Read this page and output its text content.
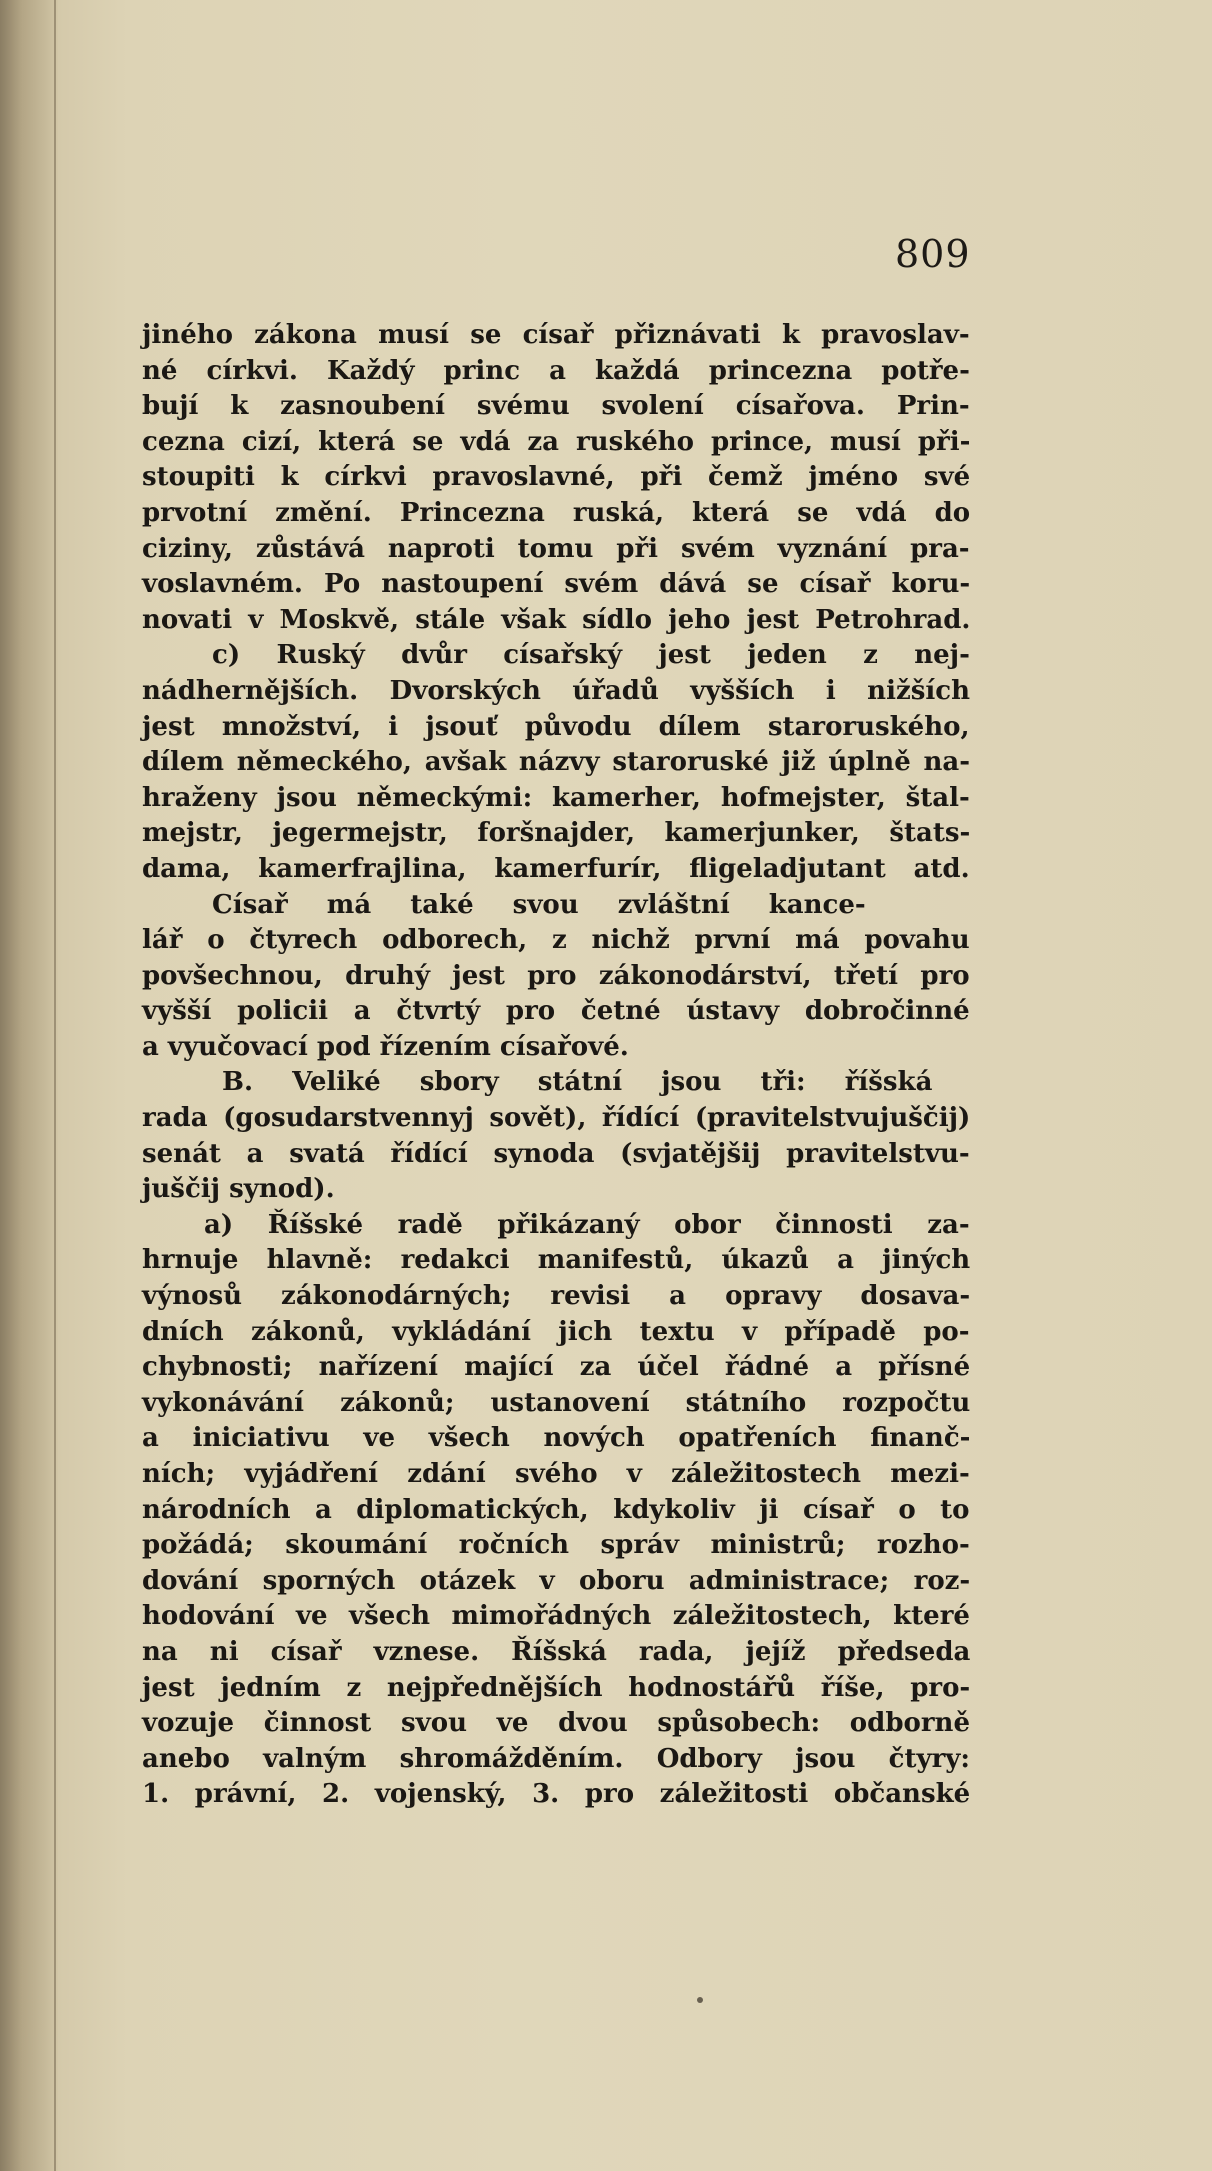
809
jiného zákona musí se císař přiznávati k pravoslav-
né církvi. Každý princ a každá princezna potře-
bují k zasnoubení svému svolení císařova. Prin-
cezna cizí, která se vdá za ruského prince, musí při-
stoupiti k církvi pravoslavné, při čemž jméno své
prvotní změní. Princezna ruská, která se vdá do
ciziny, zůstává naproti tomu při svém vyznání pra-
voslavném. Po nastoupení svém dává se císař koru-
novati v Moskvě, stále však sídlo jeho jest Petrohrad.
c) Ruský dvůr císařský jest jeden z nej-
nádhernějších. Dvorských úřadů vyšších i nižších
jest množství, i jsouť původu dílem staroruského,
dílem německého, avšak názvy staroruské již úplně na-
hraženy jsou německými: kamerher, hofmejster, štal-
mejstr, jegermejstr, foršnajder, kamerjunker, štats-
dama, kamerfrajlina, kamerfurír, fligeladjutant atd.
Císař má také svou zvláštní kance-
lář o čtyrech odborech, z nichž první má povahu
povšechnou, druhý jest pro zákonodárství, třetí pro
vyšší policii a čtvrtý pro četné ústavy dobročinné
a vyučovací pod řízením císařové.
B. Veliké sbory státní jsou tři: říšská
rada (gosudarstvennyj sovět), řídící (pravitelstvujuščij)
senát a svatá řídící synoda (svjatějšij pravitelstvu-
juščij synod).
a) Říšské radě přikázaný obor činnosti za-
hrnuje hlavně: redakci manifestů, úkazů a jiných
výnosů zákonodárných; revisi a opravy dosava-
dních zákonů, vykládání jich textu v případě po-
chybnosti; nařízení mající za účel řádné a přísné
vykonávání zákonů; ustanovení státního rozpočtu
a iniciativu ve všech nových opatřeních finanč-
ních; vyjádření zdání svého v záležitostech mezi-
národních a diplomatických, kdykoliv ji císař o to
požádá; skoumání ročních správ ministrů; rozho-
dování sporných otázek v oboru administrace; roz-
hodování ve všech mimořádných záležitostech, které
na ni císař vznese. Říšská rada, jejíž předseda
jest jedním z nejpřednějších hodnostářů říše, pro-
vozuje činnost svou ve dvou spůsobech: odborně
anebo valným shromážděním. Odbory jsou čtyry:
1. právní, 2. vojenský, 3. pro záležitosti občanské
